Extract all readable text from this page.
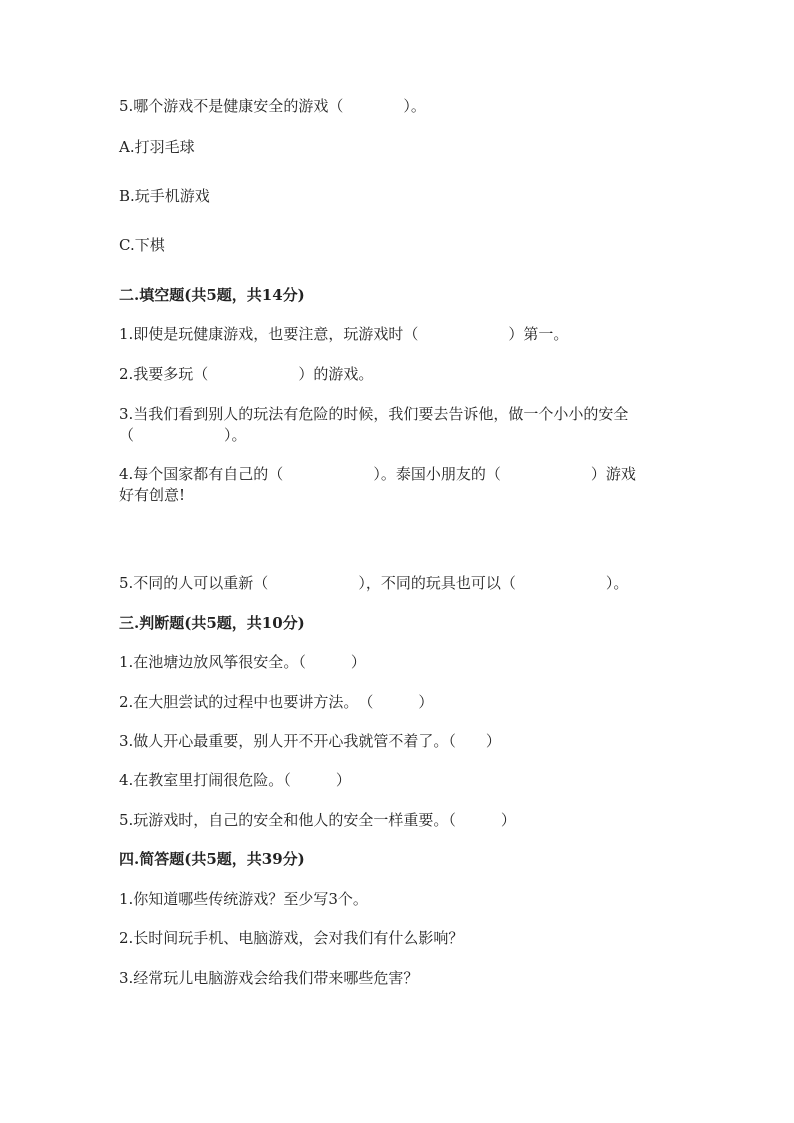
5.哪个游戏不是健康安全的游戏（　　　　）。

A.打羽毛球

B.玩手机游戏

C.下棋

二.填空题(共5题，共14分)

1.即使是玩健康游戏，也要注意，玩游戏时（　　　　　　）第一。

2.我要多玩（　　　　　　）的游戏。

3.当我们看到别人的玩法有危险的时候，我们要去告诉他，做一个小小的安全

（　　　　　　）。

4.每个国家都有自己的（　　　　　　）。泰国小朋友的（　　　　　　）游戏

好有创意!

5.不同的人可以重新（　　　　　　），不同的玩具也可以（　　　　　　）。

三.判断题(共5题，共10分)

1.在池塘边放风筝很安全。（　　　）

2.在大胆尝试的过程中也要讲方法。　（　　　）

3.做人开心最重要，别人开不开心我就管不着了。（　　）

4.在教室里打闹很危险。（　　　）

5.玩游戏时，自己的安全和他人的安全一样重要。（　　　）

四.简答题(共5题，共39分)

1.你知道哪些传统游戏？至少写3个。

2.长时间玩手机、电脑游戏，会对我们有什么影响？

3.经常玩儿电脑游戏会给我们带来哪些危害？
